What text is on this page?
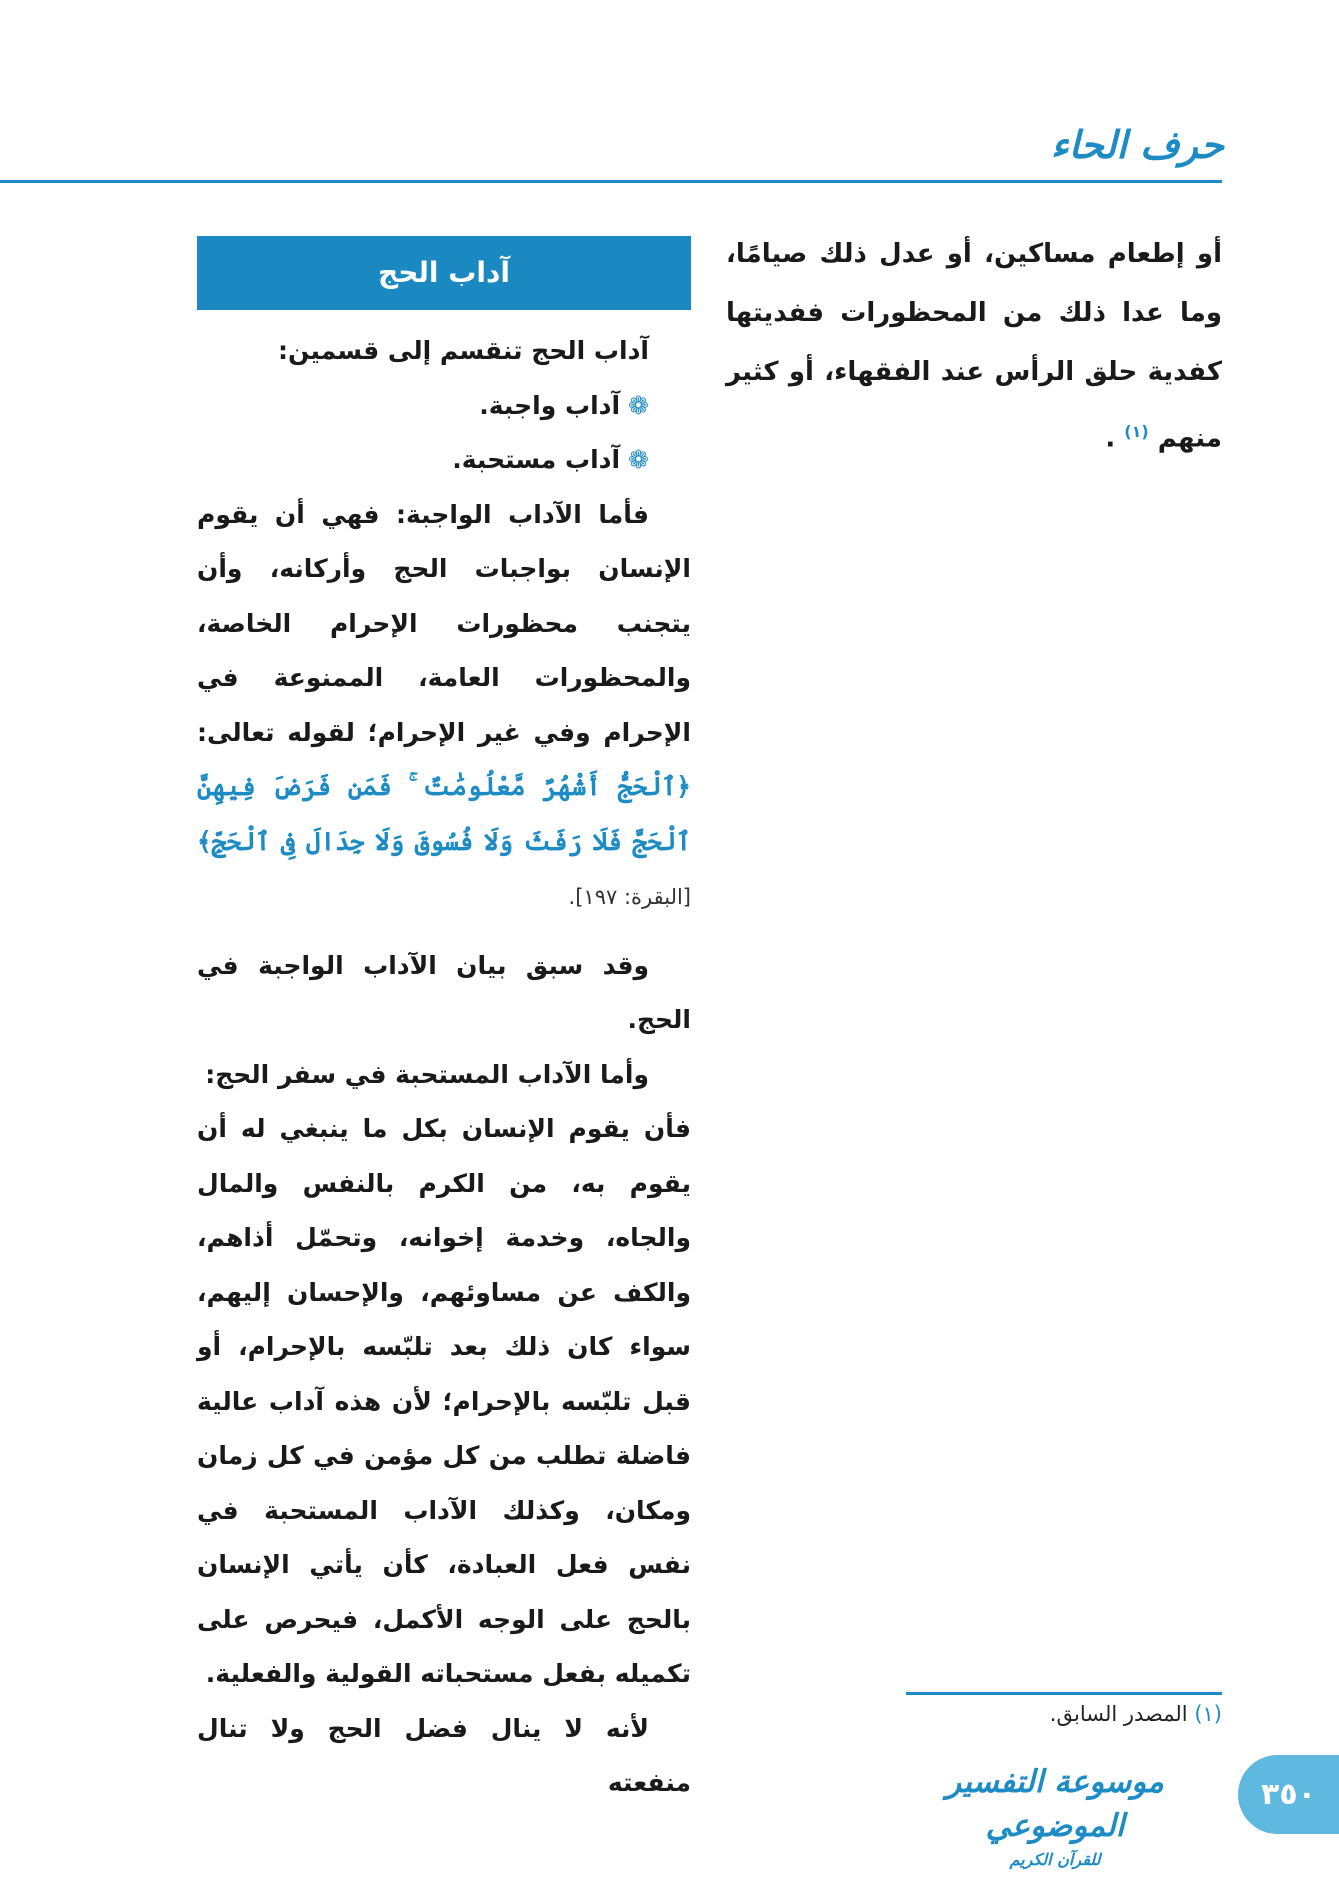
حرف الحاء
أو إطعام مساكين، أو عدل ذلك صيامًا، وما عدا ذلك من المحظورات ففديتها كفدية حلق الرأس عند الفقهاء، أو كثير منهم $^{(١)}$ .
آداب الحج

آداب الحج تنقسم إلى قسمين:

❁آداب واجبة.

❁آداب مستحبة.

فأما الآداب الواجبة: فهي أن يقوم الإنسان بواجبات الحج وأركانه، وأن يتجنب محظورات الإحرام الخاصة، والمحظورات العامة، الممنوعة في الإحرام وفي غير الإحرام؛ لقوله تعالى: ﴿ٱلْحَجُّ أَشْهُرٌ مَّعْلُومَٰتٌ ۚ فَمَن فَرَضَ فِيهِنَّ ٱلْحَجَّ فَلَا رَفَثَ وَلَا فُسُوقَ وَلَا جِدَالَ فِى ٱلْحَجِّ﴾ [البقرة: ١٩٧].

وقد سبق بيان الآداب الواجبة في الحج.

وأما الآداب المستحبة في سفر الحج:

فأن يقوم الإنسان بكل ما ينبغي له أن يقوم به، من الكرم بالنفس والمال والجاه، وخدمة إخوانه، وتحمّل أذاهم، والكف عن مساوئهم، والإحسان إليهم، سواء كان ذلك بعد تلبّسه بالإحرام، أو قبل تلبّسه بالإحرام؛ لأن هذه آداب عالية فاضلة تطلب من كل مؤمن في كل زمان ومكان، وكذلك الآداب المستحبة في نفس فعل العبادة، كأن يأتي الإنسان بالحج على الوجه الأكمل، فيحرص على تكميله بفعل مستحباته القولية والفعلية.

لأنه لا ينال فضل الحج ولا تنال منفعته

(١) المصدر السابق.
موسوعة التفسير الموضوعي
للقرآن الكريم
٣٥٠
